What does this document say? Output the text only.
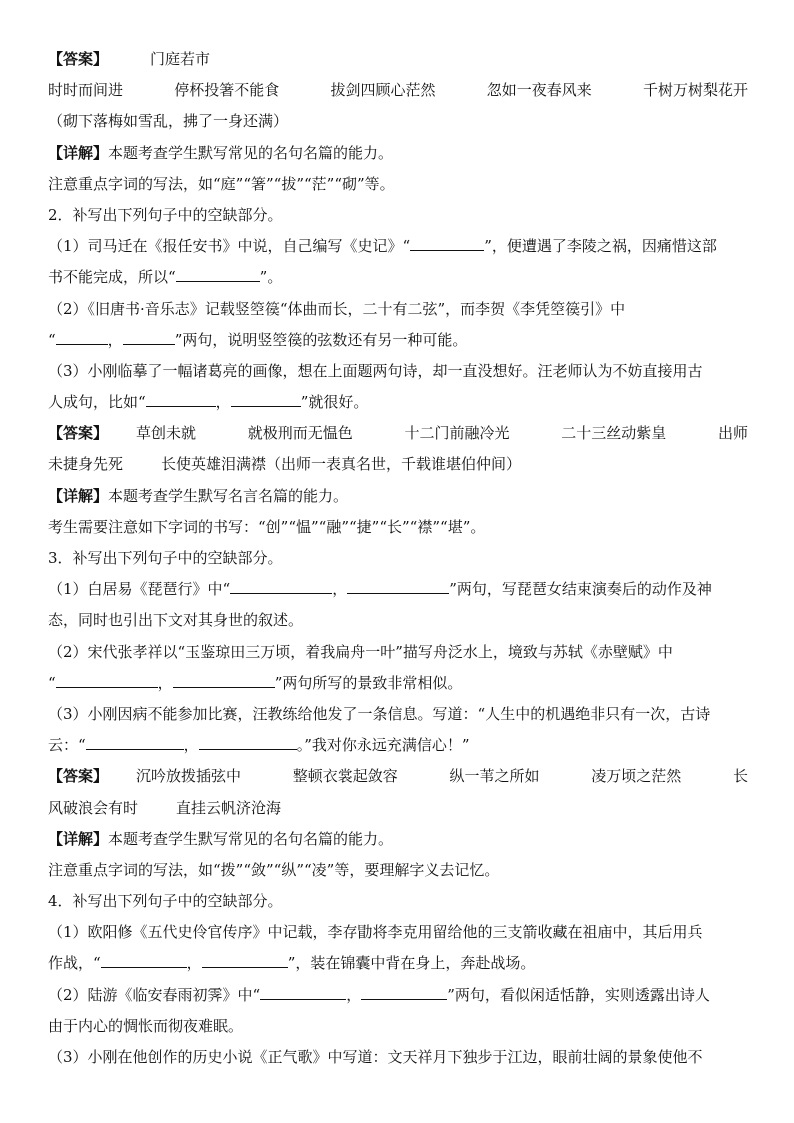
【答案】	门庭若市
时时而间进	停杯投箸不能食	拔剑四顾心茫然	忽如一夜春风来	千树万树梨花开
（砌下落梅如雪乱，拂了一身还满）
【详解】本题考查学生默写常见的名句名篇的能力。
注意重点字词的写法，如“庭”“箸”“拔”“茫”“砌”等。
2．补写出下列句子中的空缺部分。
（1）司马迁在《报任安书》中说，自己编写《史记》“	”，便遭遇了李陵之祸，因痛惜这部
书不能完成，所以“	”。
（2）《旧唐书·音乐志》记载竖箜篌“体曲而长，二十有二弦”，而李贺《李凭箜篌引》中
“	，	”两句，说明竖箜篌的弦数还有另一种可能。
（3）小刚临摹了一幅诸葛亮的画像，想在上面题两句诗，却一直没想好。汪老师认为不妨直接用古
人成句，比如“	，	”就很好。
【答案】 草创未就	就极刑而无愠色	十二门前融冷光	二十三丝动紫皇	出师
未捷身先死	长使英雄泪满襟（出师一表真名世，千载谁堪伯仲间）
【详解】本题考查学生默写名言名篇的能力。
考生需要注意如下字词的书写：“创”“愠”“融”“捷”“长”“襟”“堪”。
3．补写出下列句子中的空缺部分。
（1）白居易《琵琶行》中“	，	”两句，写琵琶女结束演奏后的动作及神
态，同时也引出下文对其身世的叙述。
（2）宋代张孝祥以“玉鉴琼田三万顷，着我扁舟一叶”描写舟泛水上，境致与苏轼《赤壁赋》中
“	，	”两句所写的景致非常相似。
（3）小刚因病不能参加比赛，汪教练给他发了一条信息。写道：“人生中的机遇绝非只有一次，古诗
云：“	，	。”我对你永远充满信心！”
【答案】 沉吟放拨插弦中	整顿衣裳起敛容	纵一苇之所如	凌万顷之茫然	长
风破浪会有时	直挂云帆济沧海
【详解】本题考查学生默写常见的名句名篇的能力。
注意重点字词的写法，如“拨”“敛”“纵”“凌”等，要理解字义去记忆。
4．补写出下列句子中的空缺部分。
（1）欧阳修《五代史伶官传序》中记载，李存勖将李克用留给他的三支箭收藏在祖庙中，其后用兵
作战，“	，	”，装在锦囊中背在身上，奔赴战场。
（2）陆游《临安春雨初霁》中“	，	”两句，看似闲适恬静，实则透露出诗人
由于内心的惆怅而彻夜难眠。
（3）小刚在他创作的历史小说《正气歌》中写道：文天祥月下独步于江边，眼前壮阔的景象使他不
